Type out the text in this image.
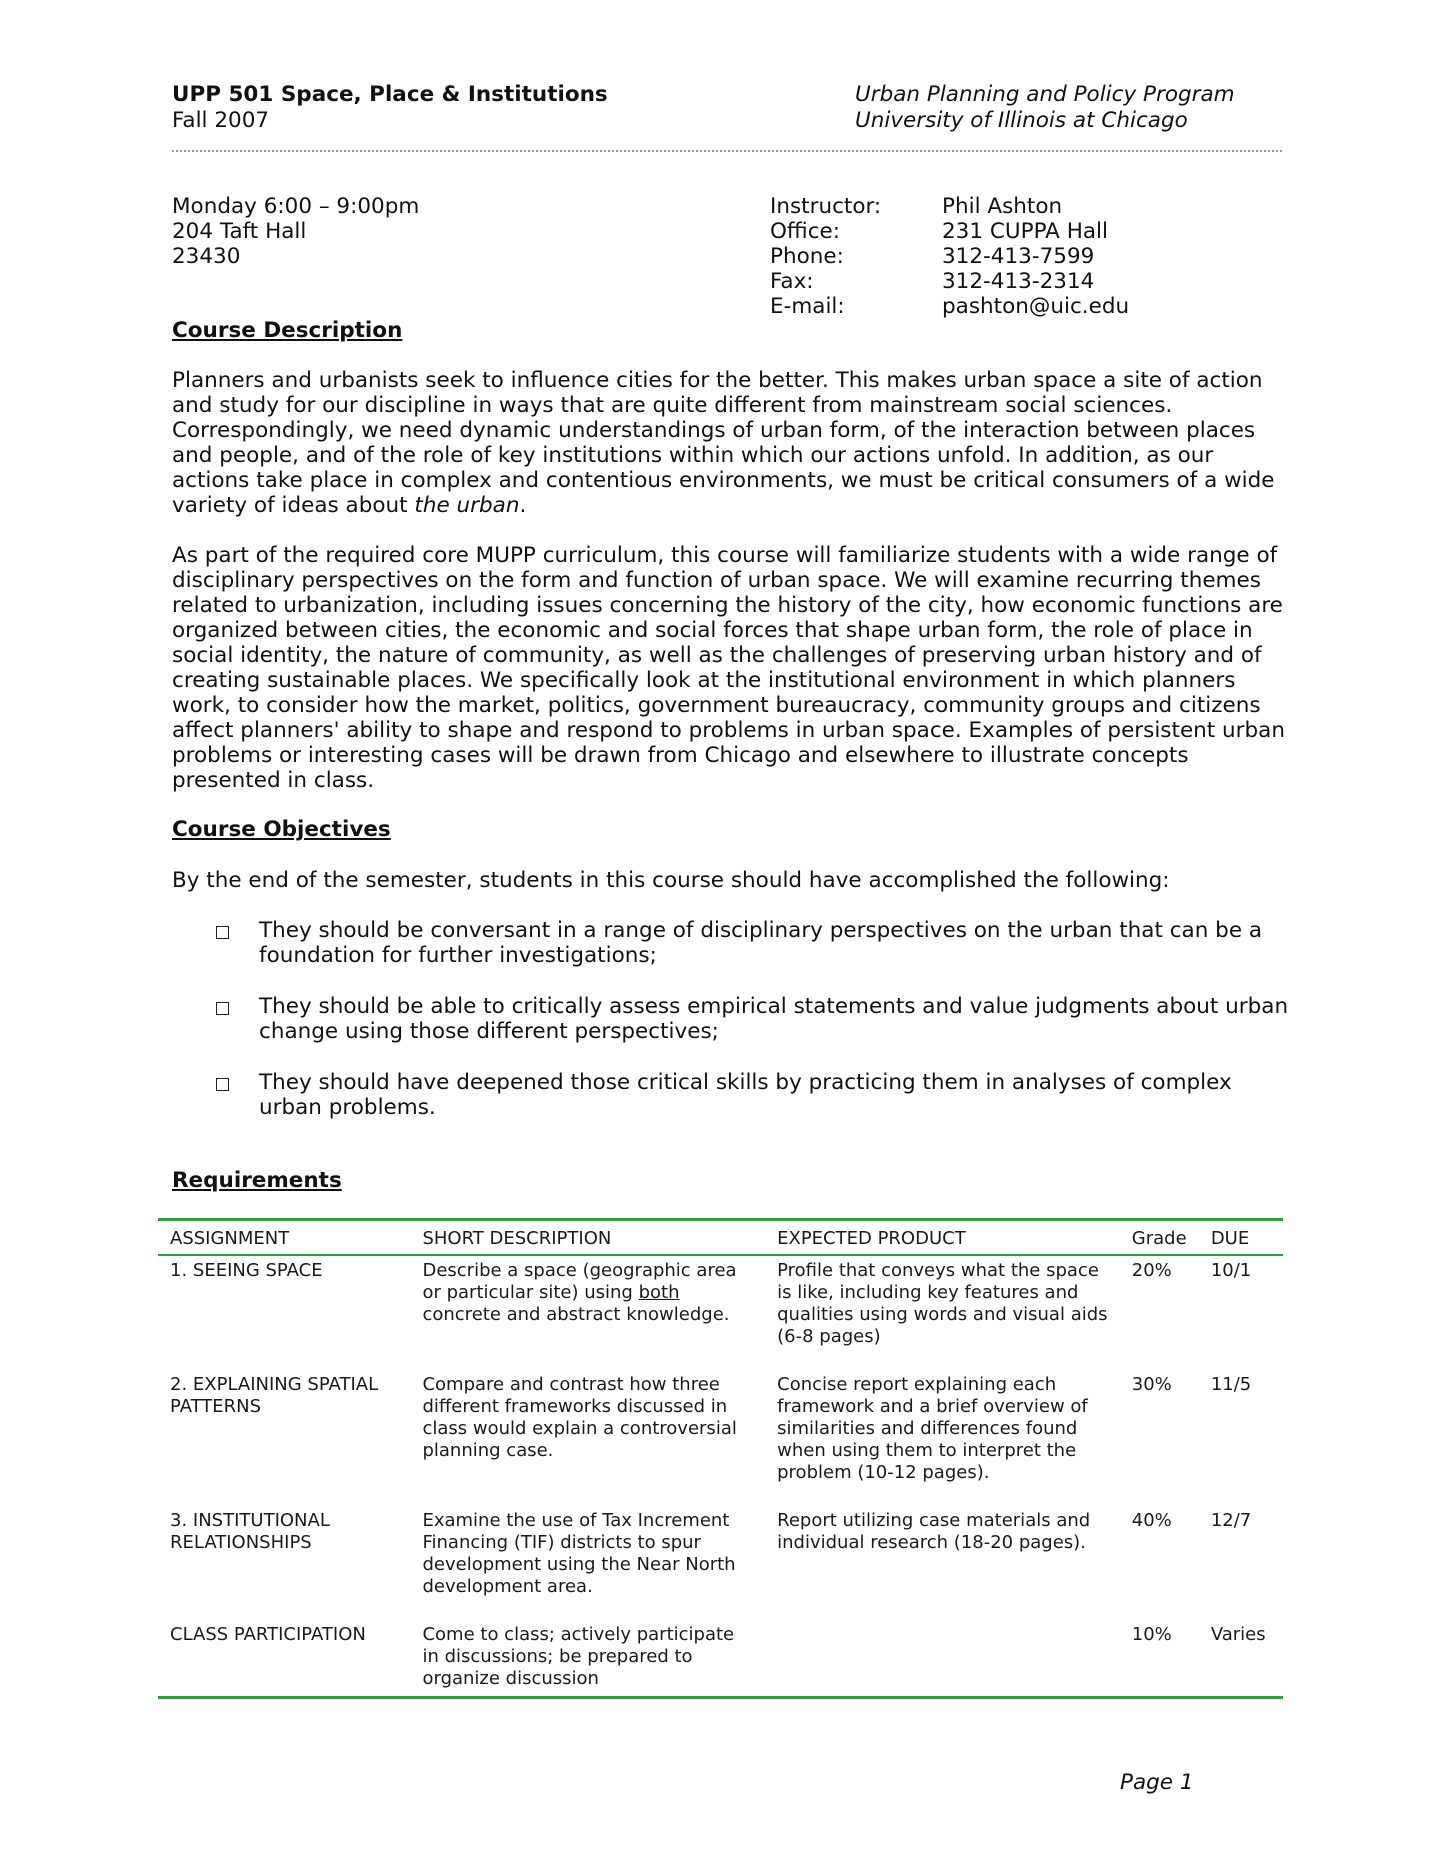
UPP 501 Space, Place & Institutions
Fall 2007
Urban Planning and Policy Program
University of Illinois at Chicago
Monday 6:00 – 9:00pm
204 Taft Hall
23430
Instructor:	Phil Ashton
Office:	231 CUPPA Hall
Phone:	312-413-7599
Fax:	312-413-2314
E-mail:	pashton@uic.edu
Course Description

Planners and urbanists seek to influence cities for the better. This makes urban space a site of action and study for our discipline in ways that are quite different from mainstream social sciences. Correspondingly, we need dynamic understandings of urban form, of the interaction between places and people, and of the role of key institutions within which our actions unfold. In addition, as our actions take place in complex and contentious environments, we must be critical consumers of a wide variety of ideas about the urban.

As part of the required core MUPP curriculum, this course will familiarize students with a wide range of disciplinary perspectives on the form and function of urban space. We will examine recurring themes related to urbanization, including issues concerning the history of the city, how economic functions are organized between cities, the economic and social forces that shape urban form, the role of place in social identity, the nature of community, as well as the challenges of preserving urban history and of creating sustainable places. We specifically look at the institutional environment in which planners work, to consider how the market, politics, government bureaucracy, community groups and citizens affect planners' ability to shape and respond to problems in urban space. Examples of persistent urban problems or interesting cases will be drawn from Chicago and elsewhere to illustrate concepts presented in class.

Course Objectives

By the end of the semester, students in this course should have accomplished the following:

They should be conversant in a range of disciplinary perspectives on the urban that can be a foundation for further investigations;
They should be able to critically assess empirical statements and value judgments about urban change using those different perspectives;
They should have deepened those critical skills by practicing them in analyses of complex urban problems.
Requirements
ASSIGNMENT	SHORT DESCRIPTION	EXPECTED PRODUCT	Grade	DUE
1. SEEING SPACE	Describe a space (geographic area or particular site) using both concrete and abstract knowledge.	Profile that conveys what the space is like, including key features and qualities using words and visual aids (6-8 pages)	20%	10/1
2. EXPLAINING SPATIAL PATTERNS	Compare and contrast how three different frameworks discussed in class would explain a controversial planning case.	Concise report explaining each framework and a brief overview of similarities and differences found when using them to interpret the problem (10-12 pages).	30%	11/5
3. INSTITUTIONAL RELATIONSHIPS	Examine the use of Tax Increment Financing (TIF) districts to spur development using the Near North development area.	Report utilizing case materials and individual research (18-20 pages).	40%	12/7
CLASS PARTICIPATION	Come to class; actively participate in discussions; be prepared to organize discussion		10%	Varies
Page 1
